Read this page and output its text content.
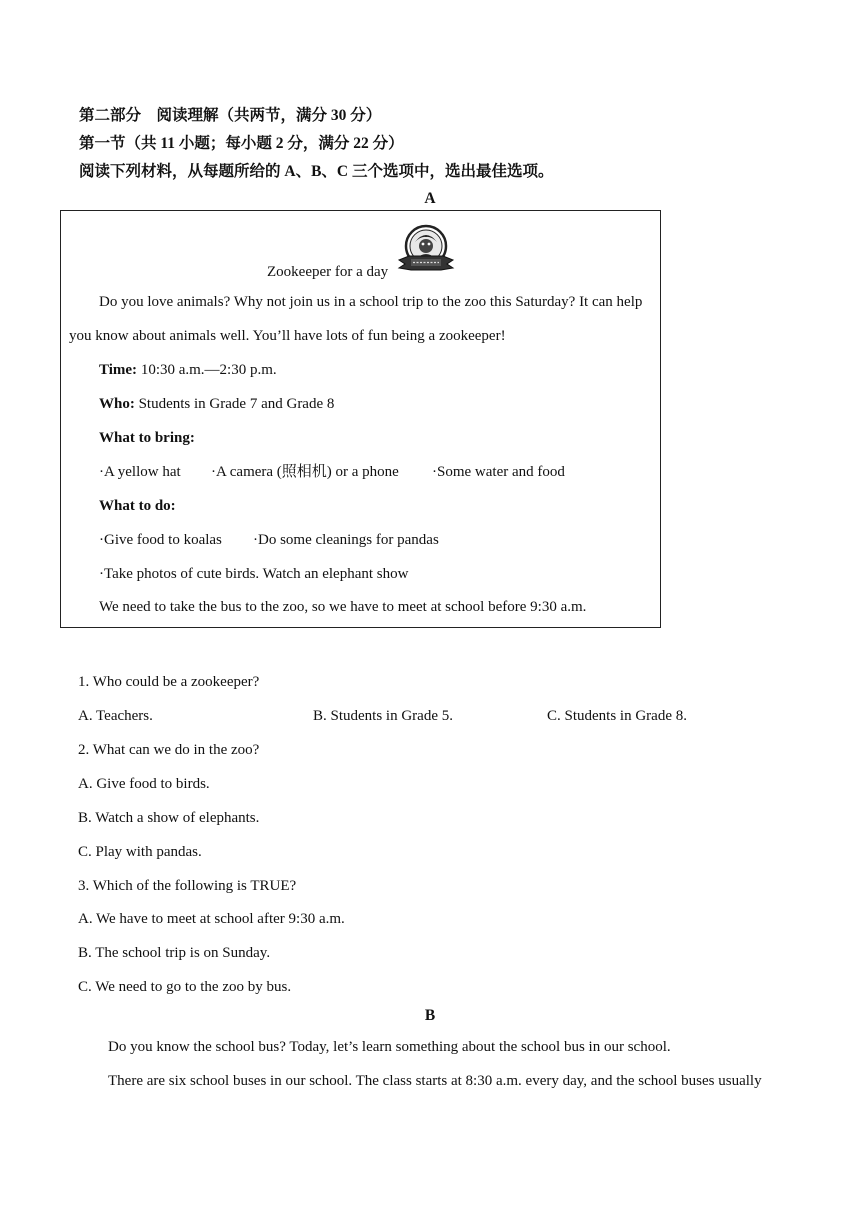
第二部分　阅读理解（共两节，满分 30 分）
第一节（共 11 小题；每小题 2 分，满分 22 分）
阅读下列材料，从每题所给的 A、B、C 三个选项中，选出最佳选项。
A
Zookeeper for a day
Do you love animals? Why not join us in a school trip to the zoo this Saturday? It can help
you know about animals well. You’ll have lots of fun being a zookeeper!
Time: 10:30 a.m.—2:30 p.m.
Who: Students in Grade 7 and Grade 8
What to bring:
·A yellow hat ·A camera (照相机) or a phone ·Some water and food
What to do:
·Give food to koalas ·Do some cleanings for pandas
·Take photos of cute birds. Watch an elephant show
We need to take the bus to the zoo, so we have to meet at school before 9:30 a.m.
1. Who could be a zookeeper?
A. Teachers.	B. Students in Grade 5.	C. Students in Grade 8.
2. What can we do in the zoo?
A. Give food to birds.
B. Watch a show of elephants.
C. Play with pandas.
3. Which of the following is TRUE?
A. We have to meet at school after 9:30 a.m.
B. The school trip is on Sunday.
C. We need to go to the zoo by bus.
B
Do you know the school bus? Today, let’s learn something about the school bus in our school.
There are six school buses in our school. The class starts at 8:30 a.m. every day, and the school buses usually
